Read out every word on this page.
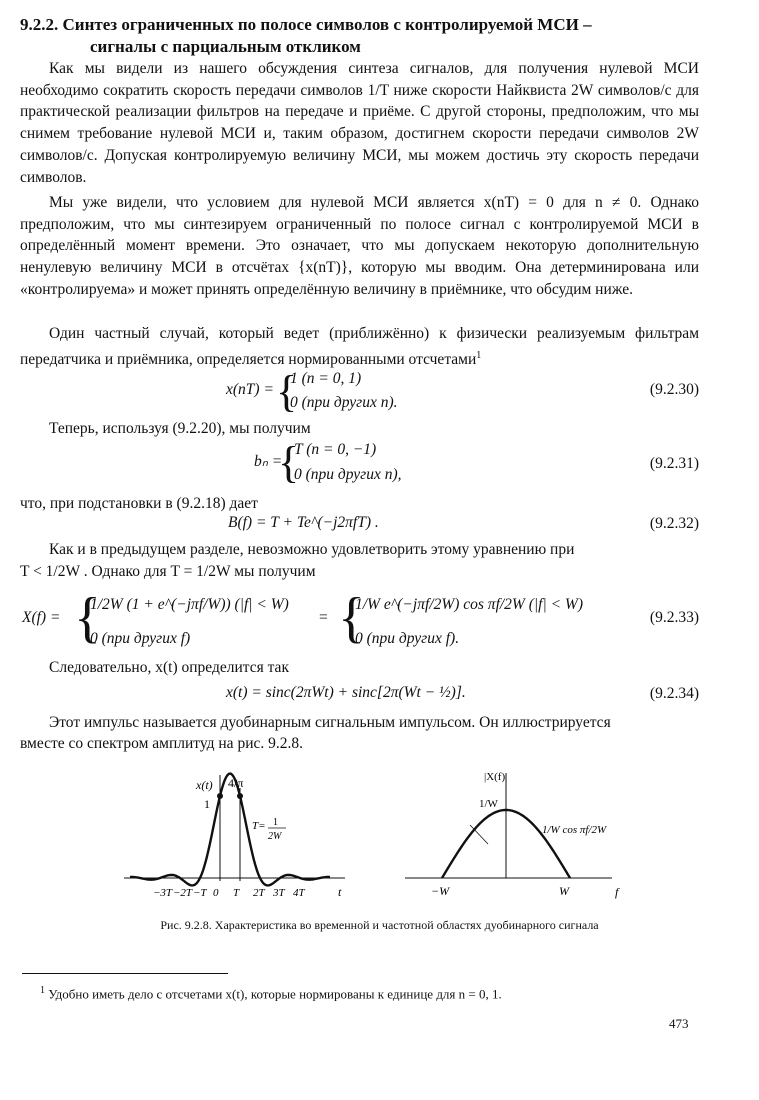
9.2.2. Синтез ограниченных по полосе символов с контролируемой МСИ –
сигналы с парциальным откликом

Как мы видели из нашего обсуждения синтеза сигналов, для получения нулевой МСИ необходимо сократить скорость передачи символов 1/T ниже скорости Найквиста 2W символов/с для практической реализации фильтров на передаче и приёме. С другой стороны, предположим, что мы снимем требование нулевой МСИ и, таким образом, достигнем скорости передачи символов 2W символов/с. Допуская контролируемую величину МСИ, мы можем достичь эту скорость передачи символов.

Мы уже видели, что условием для нулевой МСИ является x(nT) = 0 для n ≠ 0. Однако предположим, что мы синтезируем ограниченный по полосе сигнал с контролируемой МСИ в определённый момент времени. Это означает, что мы допускаем некоторую дополнительную ненулевую величину МСИ в отсчётах {x(nT)}, которую мы вводим. Она детерминирована или «контролируема» и может принять определённую величину в приёмнике, что обсудим ниже.

Один частный случай, который ведет (приближённо) к физически реализуемым фильтрам передатчика и приёмника, определяется нормированными отсчетами$^1$

x(nT) = {
1 (n = 0, 1)
0 (при других n).
(9.2.30)
Теперь, используя (9.2.20), мы получим
bₙ =
{
T (n = 0, −1)
0 (при других n),
(9.2.31)
что, при подстановки в (9.2.18) дает
B(f) = T + Te^(−j2πfT) .	(9.2.32)
Как и в предыдущем разделе, невозможно удовлетворить этому уравнению при
T < 1/2W . Однако для T = 1/2W мы получим
X(f) = {
1/2W (1 + e^(−jπf/W)) (|f| < W)
0 (при других f)
= {
1/W e^(−jπf/2W) cos πf/2W (|f| < W)
0 (при других f).
(9.2.33)
Следовательно, x(t) определится так
x(t) = sinc(2πWt) + sinc[2π(Wt − ½)].	(9.2.34)
Этот импульс называется дуобинарным сигнальным импульсом. Он иллюстрируется
вместе со спектром амплитуд на рис. 9.2.8.
x(t) 4/π
1
T= 1
2W
−3T −2T −T 0 T 2T 3T 4T	t
|X(f)|
1/W
1/W cos πf/2W
−W	W	f
Рис. 9.2.8. Характеристика во временной и частотной областях дуобинарного сигнала
$^1$ Удобно иметь дело с отсчетами x(t), которые нормированы к единице для n = 0, 1.
473
